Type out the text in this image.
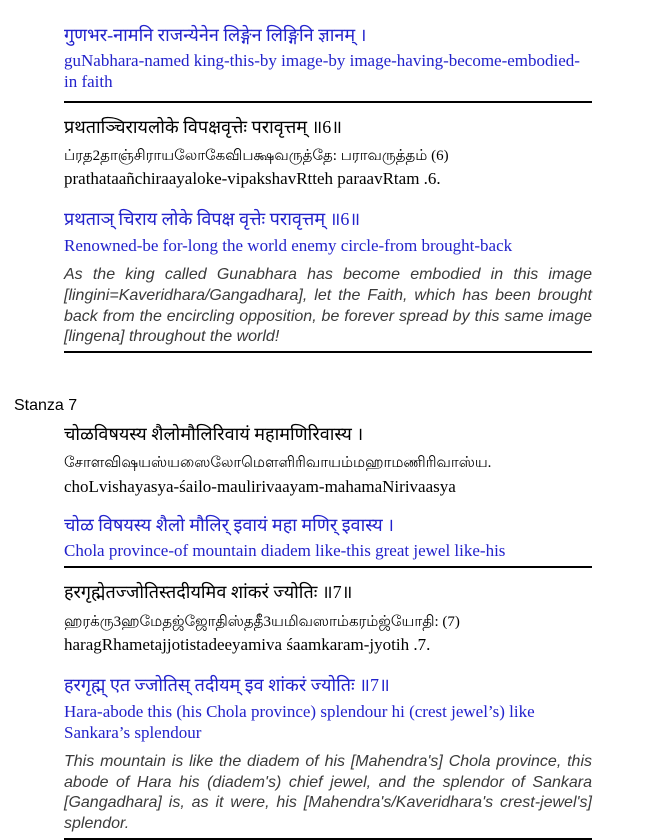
गुणभर-नामनि राजन्येनेन लिङ्गेन लिङ्गिनि ज्ञानम् ।
guNabhara-named king-this-by image-by image-having-become-embodied-in faith
प्रथताञ्चिरायलोके विपक्षवृत्तेः परावृत्तम् ॥6॥
ப்ரத2தாஞ்சிராயலோகேவிபக்ஷவருத்தே: பராவருத்தம் (6)
prathataañchiraayaloke-vipakshavRtteh paraavRtam .6.
प्रथताञ् चिराय लोके विपक्ष वृत्तेः परावृत्तम् ॥6॥
Renowned-be for-long the world enemy circle-from brought-back
As the king called Gunabhara has become embodied in this image [lingini=Kaveridhara/Gangadhara], let the Faith, which has been brought back from the encircling opposition, be forever spread by this same image [lingena] throughout the world!
Stanza 7
चोळविषयस्य शैलोमौलिरिवायं महामणिरिवास्य ।
சோளவிஷயஸ்யஸைலோமௌளிரிவாயம்மஹாமணிரிவாஸ்ய.
choLvishayasya-śailo-maulirivaayam-mahamaNirivaasya
चोळ विषयस्य शैलो मौलिर् इवायं महा मणिर् इवास्य ।
Chola province-of mountain diadem like-this great jewel like-his
हरगृह्मेतज्जोतिस्तदीयमिव शांकरं ज्योतिः ॥7॥
ஹரக்ரு3ஹமேதஜ்ஜோதிஸ்ததீ3யமிவஸாம்கரம்ஜ்யோதி: (7)
haragRhametajjotistadeeyamiva śaamkaram-jyotih .7.
हरगृह्म् एत ज्जोतिस् तदीयम् इव शांकरं ज्योतिः ॥7॥
Hara-abode this (his Chola province) splendour hi (crest jewel’s) like Sankara’s splendour
This mountain is like the diadem of his [Mahendra's] Chola province, this abode of Hara his (diadem's) chief jewel, and the splendor of Sankara [Gangadhara] is, as it were, his [Mahendra's/Kaveridhara's crest-jewel's] splendor.
